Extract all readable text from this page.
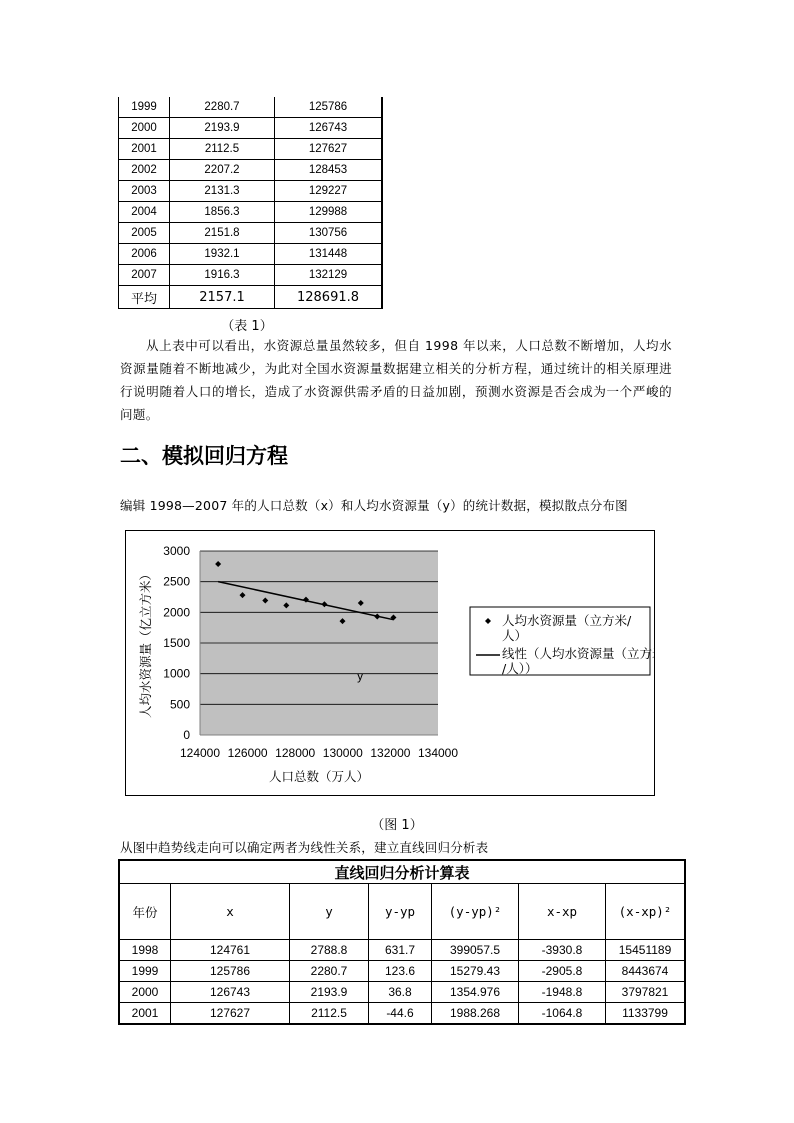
1999	2280.7	125786
2000	2193.9	126743
2001	2112.5	127627
2002	2207.2	128453
2003	2131.3	129227
2004	1856.3	129988
2005	2151.8	130756
2006	1932.1	131448
2007	1916.3	132129
平均	2157.1	128691.8
（表 1）
从上表中可以看出，水资源总量虽然较多，但自 1998 年以来，人口总数不断增加，人均水资源量随着不断地减少，为此对全国水资源量数据建立相关的分析方程，通过统计的相关原理进行说明随着人口的增长，造成了水资源供需矛盾的日益加剧，预测水资源是否会成为一个严峻的问题。
二、模拟回归方程
编辑 1998—2007 年的人口总数（x）和人均水资源量（y）的统计数据，模拟散点分布图
0
500
1000
1500
2000
2500
3000
124000 126000 128000 130000 132000 134000
y
人口总数（万人）
人均水资源量（亿立方米）	人均水资源量（立方米/人）
线性（人均水资源量（立方米/人））
（图 1）
从图中趋势线走向可以确定两者为线性关系，建立直线回归分析表
直线回归分析计算表						
年份	x	y	y-yp	(y-yp)²	x-xp	(x-xp)²
1998	124761	2788.8	631.7	399057.5	-3930.8	15451189
1999	125786	2280.7	123.6	15279.43	-2905.8	8443674
2000	126743	2193.9	36.8	1354.976	-1948.8	3797821
2001	127627	2112.5	-44.6	1988.268	-1064.8	1133799
